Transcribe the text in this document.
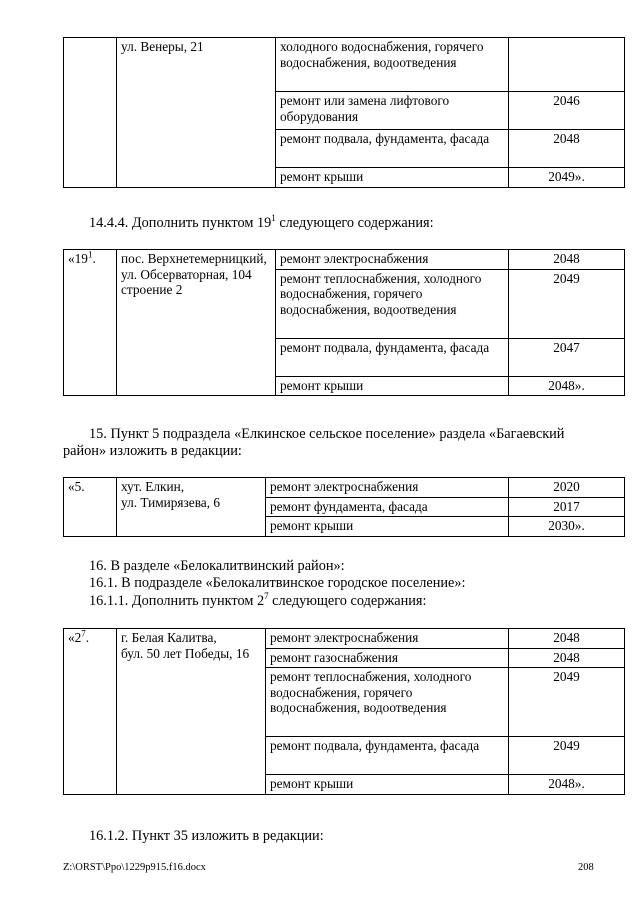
	ул. Венеры, 21	холодного водоснабжения, горячего водоснабжения, водоотведения	
		ремонт или замена лифтового оборудования	2046
		ремонт подвала, фундамента, фасада	2048
		ремонт крыши	2049».
14.4.4. Дополнить пунктом $19^1$ следующего содержания:
«$19^1$.	пос. Верхнетемерницкий, ул. Обсерваторная, 104 строение 2	ремонт электроснабжения	2048
		ремонт теплоснабжения, холодного водоснабжения, горячего водоснабжения, водоотведения	2049
		ремонт подвала, фундамента, фасада	2047
		ремонт крыши	2048».
15. Пункт 5 подраздела «Елкинское сельское поселение» раздела «Багаевский
район» изложить в редакции:
«5.	хут. Елкин,
ул. Тимирязева, 6	ремонт электроснабжения	2020
		ремонт фундамента, фасада	2017
		ремонт крыши	2030».
16. В разделе «Белокалитвинский район»:
16.1. В подразделе «Белокалитвинское городское поселение»:
16.1.1. Дополнить пунктом $2^7$ следующего содержания:
«$2^7$.	г. Белая Калитва,
бул. 50 лет Победы, 16	ремонт электроснабжения	2048
		ремонт газоснабжения	2048
		ремонт теплоснабжения, холодного водоснабжения, горячего водоснабжения, водоотведения	2049
		ремонт подвала, фундамента, фасада	2049
		ремонт крыши	2048».
16.1.2. Пункт 35 изложить в редакции:
Z:\ORST\Ppo\1229p915.f16.docx	208
